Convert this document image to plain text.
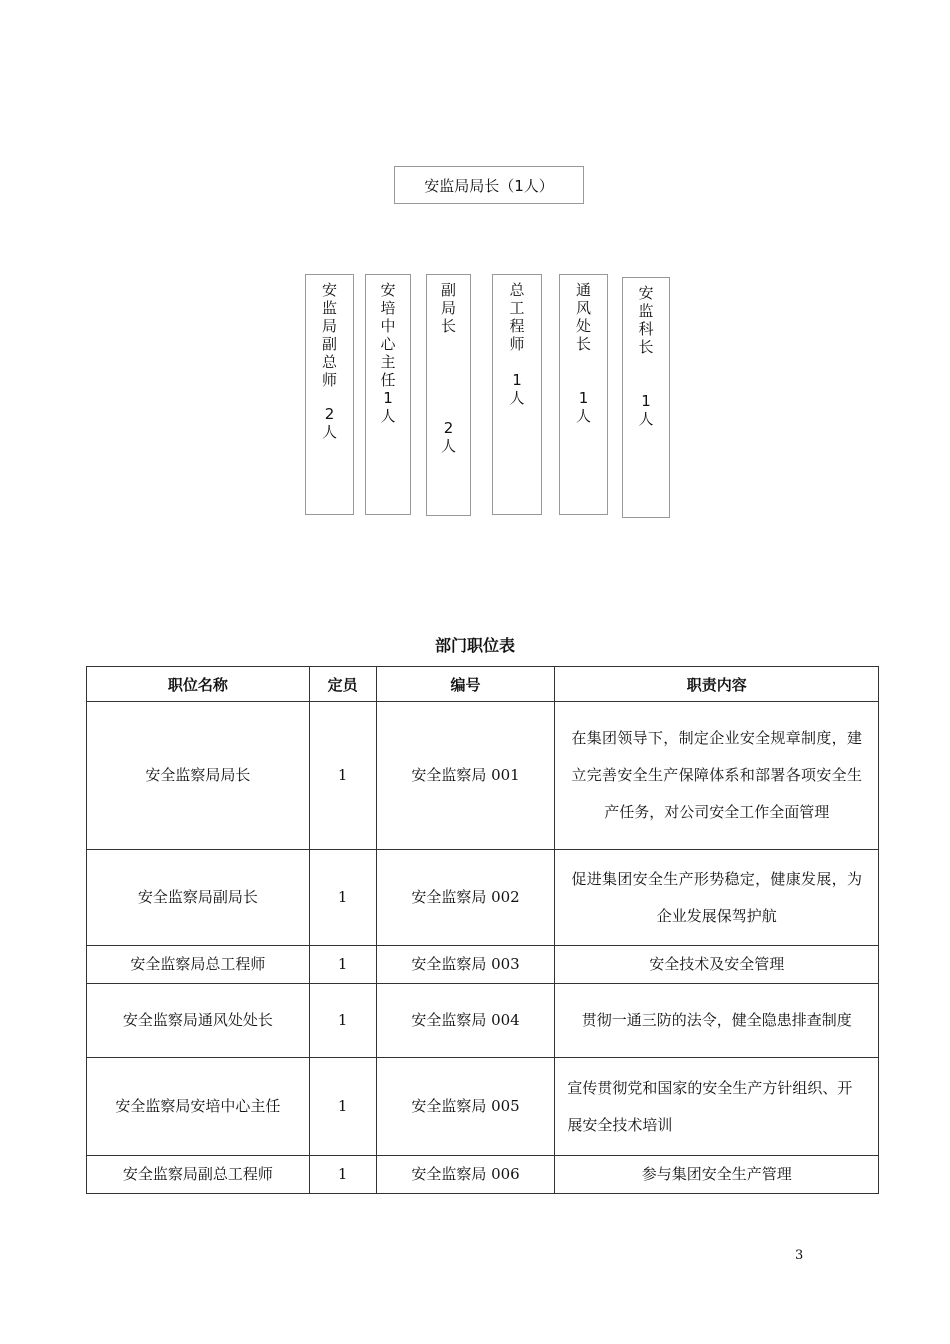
安监局局长（1人）
安监局副总师
2人
安培中心主任
1人
副局长
2人
总工程师
1人
通风处长
1人
安监科长
1人
部门职位表
职位名称	定员	编号	职责内容
安全监察局局长	1	安全监察局 001	在集团领导下，制定企业安全规章制度，建立完善安全生产保障体系和部署各项安全生产任务，对公司安全工作全面管理
安全监察局副局长	1	安全监察局 002	促进集团安全生产形势稳定，健康发展，为企业发展保驾护航
安全监察局总工程师	1	安全监察局 003	安全技术及安全管理
安全监察局通风处处长	1	安全监察局 004	贯彻一通三防的法令，健全隐患排查制度
安全监察局安培中心主任	1	安全监察局 005	宣传贯彻党和国家的安全生产方针组织、开展安全技术培训
安全监察局副总工程师	1	安全监察局 006	参与集团安全生产管理
3
